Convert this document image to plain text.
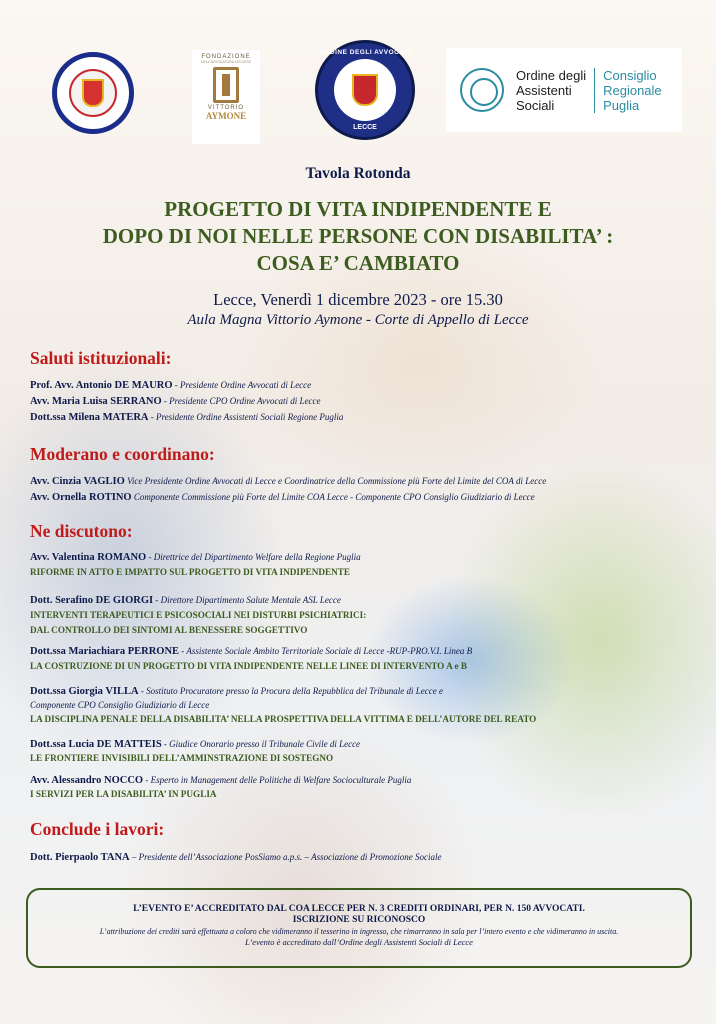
FONDAZIONE
DELL'AVVOCATURA LECCESE
VITTORIO
AYMONE
ORDINE DEGLI AVVOCATI
LECCE
Ordine degli
Assistenti
Sociali
Consiglio
Regionale
Puglia
Tavola Rotonda
PROGETTO DI VITA INDIPENDENTE E
DOPO DI NOI NELLE PERSONE CON DISABILITA’ :
COSA E’ CAMBIATO
Lecce, Venerdì 1 dicembre 2023 - ore 15.30
Aula Magna Vittorio Aymone - Corte di Appello di Lecce
Saluti istituzionali:
Prof. Avv. Antonio DE MAURO - Presidente Ordine Avvocati di Lecce
Avv. Maria Luisa SERRANO - Presidente CPO Ordine Avvocati di Lecce
Dott.ssa Milena MATERA - Presidente Ordine Assistenti Sociali Regione Puglia
Moderano e coordinano:
Avv. Cinzia VAGLIO Vice Presidente Ordine Avvocati di Lecce e Coordinatrice della Commissione più Forte del Limite del COA di Lecce
Avv. Ornella ROTINO Componente Commissione più Forte del Limite COA Lecce - Componente CPO Consiglio Giudiziario di Lecce
Ne discutono:
Avv. Valentina ROMANO - Direttrice del Dipartimento Welfare della Regione Puglia
RIFORME IN ATTO E IMPATTO SUL PROGETTO DI VITA INDIPENDENTE
Dott. Serafino DE GIORGI - Direttore Dipartimento Salute Mentale ASL Lecce
INTERVENTI TERAPEUTICI E PSICOSOCIALI NEI DISTURBI PSICHIATRICI:
DAL CONTROLLO DEI SINTOMI AL BENESSERE SOGGETTIVO
Dott.ssa Mariachiara PERRONE - Assistente Sociale Ambito Territoriale Sociale di Lecce -RUP-PRO.V.I. Linea B
LA COSTRUZIONE DI UN PROGETTO DI VITA INDIPENDENTE NELLE LINEE DI INTERVENTO A e B
Dott.ssa Giorgia VILLA - Sostituto Procuratore presso la Procura della Repubblica del Tribunale di Lecce e
Componente CPO Consiglio Giudiziario di Lecce
LA DISCIPLINA PENALE DELLA DISABILITA’ NELLA PROSPETTIVA DELLA VITTIMA E DELL’AUTORE DEL REATO
Dott.ssa Lucia DE MATTEIS - Giudice Onorario presso il Tribunale Civile di Lecce
LE FRONTIERE INVISIBILI DELL’AMMINSTRAZIONE DI SOSTEGNO
Avv. Alessandro NOCCO - Esperto in Management delle Politiche di Welfare Socioculturale Puglia
I SERVIZI PER LA DISABILITA’ IN PUGLIA
Conclude i lavori:
Dott. Pierpaolo TANA – Presidente dell’Associazione PosSiamo a.p.s. – Associazione di Promozione Sociale
L’EVENTO E’ ACCREDITATO DAL COA LECCE PER N. 3 CREDITI ORDINARI, PER N. 150 AVVOCATI.
ISCRIZIONE SU RICONOSCO
L’attribuzione dei crediti sarà effettuata a coloro che vidimeranno il tesserino in ingresso, che rimarranno in sala per l’intero evento e che vidimeranno in uscita.
L’evento è accreditato dall’Ordine degli Assistenti Sociali di Lecce
